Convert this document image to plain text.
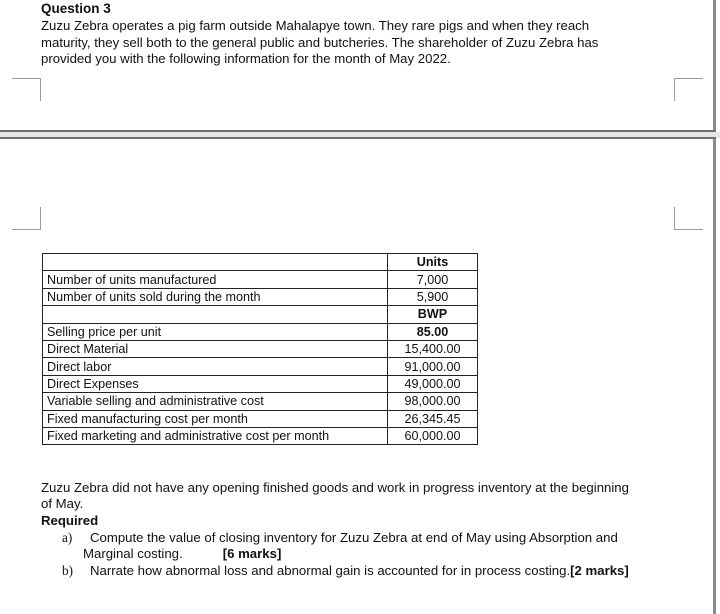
Question 3
Zuzu Zebra operates a pig farm outside Mahalapye town. They rare pigs and when they reach
maturity, they sell both to the general public and butcheries. The shareholder of Zuzu Zebra has
provided you with the following information for the month of May 2022.
	Units
Number of units manufactured	7,000
Number of units sold during the month	5,900
	BWP
Selling price per unit	85.00
Direct Material	15,400.00
Direct labor	91,000.00
Direct Expenses	49,000.00
Variable selling and administrative cost	98,000.00
Fixed manufacturing cost per month	26,345.45
Fixed marketing and administrative cost per month	60,000.00
Zuzu Zebra did not have any opening finished goods and work in progress inventory at the beginning
of May.
Required
a) Compute the value of closing inventory for Zuzu Zebra at end of May using Absorption and
Marginal costing.	[6 marks]
b) Narrate how abnormal loss and abnormal gain is accounted for in process costing.[2 marks]
